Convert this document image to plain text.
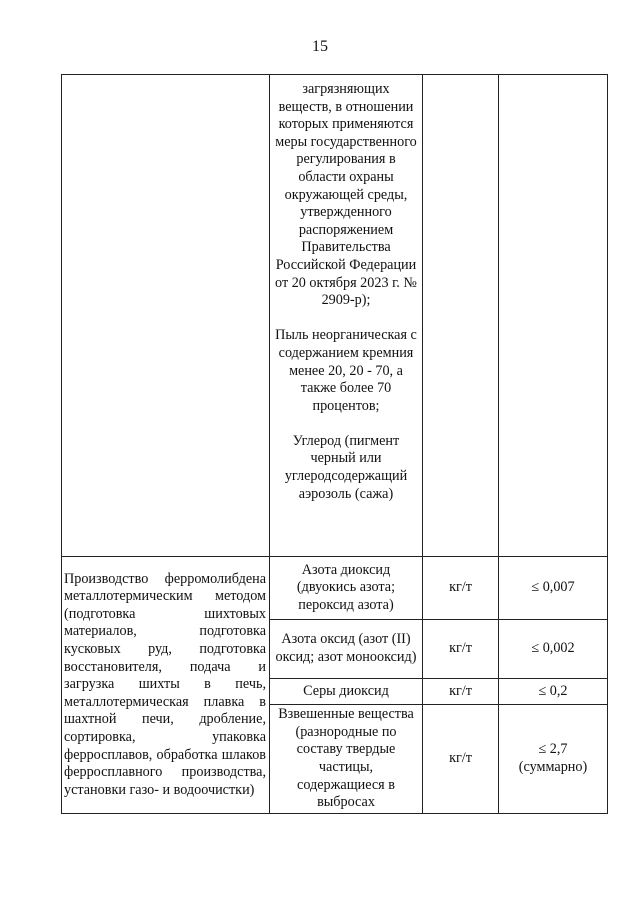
15

	загрязняющих веществ, в отношении которых применяются меры государственного регулирования в области охраны окружающей среды, утвержденного распоряжением Правительства Российской Федерации от 20 октября 2023 г. № 2909-р);
Пыль неорганическая с содержанием кремния менее 20, 20 - 70, а также более 70 процентов;
Углерод (пигмент черный или углеродсодержащий аэрозоль (сажа)		

Производство ферромолибдена металлотермическим методом (подготовка шихтовых материалов, подготовка кусковых руд, подготовка восстановителя, подача и загрузка шихты в печь, металлотермическая плавка в шахтной печи, дробление, сортировка, упаковка ферросплавов, обработка шлаков ферросплавного производства, установки газо- и водоочистки)	Азота диоксид (двуокись азота; пероксид азота)	кг/т	≤ 0,007
	Азота оксид (азот (II) оксид; азот монооксид)	кг/т	≤ 0,002
	Серы диоксид	кг/т	≤ 0,2
	Взвешенные вещества (разнородные по составу твердые частицы, содержащиеся в выбросах	кг/т	≤ 2,7
(суммарно)
